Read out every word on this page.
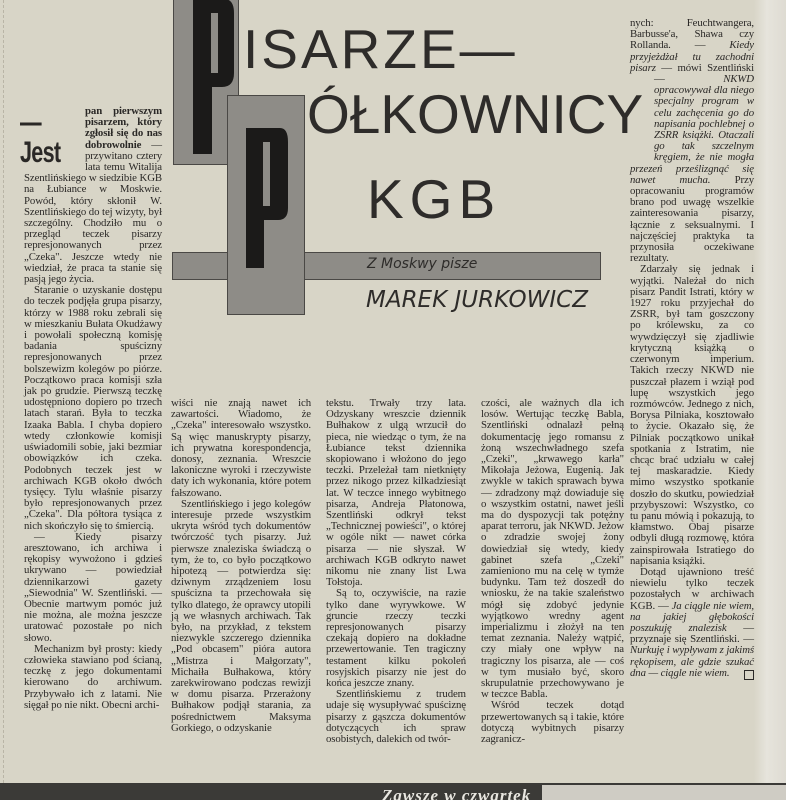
ISARZE—
ÓŁKOWNICY
KGB
Z Moskwy pisze
MAREK JURKOWICZ

—Jest
pan pierwszym pisarzem, który zgłosił się do nas dobrowolnie — przywitano cztery lata temu Witalija Szentlińskiego w siedzibie KGB na Łubiance w Moskwie. Powód, który skłonił W. Szentlińskiego do tej wizyty, był szczególny. Chodziło mu o przegląd teczek pisarzy represjonowanych przez „Czeka". Jeszcze wtedy nie wiedział, że praca ta stanie się pasją jego życia.

Staranie o uzyskanie dostępu do teczek podjęła grupa pisarzy, którzy w 1988 roku zebrali się w mieszkaniu Bułata Okudżawy i powołali społeczną komisję badania spuścizny represjonowanych przez bolszewizm kolegów po piórze. Początkowo praca komisji szła jak po grudzie. Pierwszą teczkę udostępniono dopiero po trzech latach starań. Była to teczka Izaaka Babla. I chyba dopiero wtedy członkowie komisji uświadomili sobie, jaki bezmiar obowiązków ich czeka. Podobnych teczek jest w archiwach KGB około dwóch tysięcy. Tylu właśnie pisarzy było represjonowanych przez „Czeka". Dla półtora tysiąca z nich skończyło się to śmiercią.

— Kiedy pisarzy aresztowano, ich archiwa i rękopisy wywożono i gdzieś ukrywano — powiedział dziennikarzowi gazety „Siewodnia" W. Szentliński. — Obecnie martwym pomóc już nie można, ale można jeszcze uratować pozostałe po nich słowo.

Mechanizm był prosty: kiedy człowieka stawiano pod ścianą, teczkę z jego dokumentami kierowano do archiwum. Przybywało ich z latami. Nie sięgał po nie nikt. Obecni archi-

wiści nie znają nawet ich zawartości. Wiadomo, że „Czeka" interesowało wszystko. Są więc manuskrypty pisarzy, ich prywatna korespondencja, donosy, zeznania. Wreszcie lakoniczne wyroki i rzeczywiste daty ich wykonania, które potem fałszowano.

Szentlińskiego i jego kolegów interesuje przede wszystkim ukryta wśród tych dokumentów twórczość tych pisarzy. Już pierwsze znaleziska świadczą o tym, że to, co było początkowo hipotezą — potwierdza się: dziwnym zrządzeniem losu spuścizna ta przechowała się tylko dlatego, że oprawcy utopili ją we własnych archiwach. Tak było, na przykład, z tekstem niezwykle szczerego dziennika „Pod obcasem" pióra autora „Mistrza i Małgorzaty", Michaiła Bułhakowa, który zarekwirowano podczas rewizji w domu pisarza. Przerażony Bułhakow podjął starania, za pośrednictwem Maksyma Gorkiego, o odzyskanie

tekstu. Trwały trzy lata. Odzyskany wreszcie dziennik Bułhakow z ulgą wrzucił do pieca, nie wiedząc o tym, że na Łubiance tekst dziennika skopiowano i włożono do jego teczki. Przeleżał tam nietknięty przez nikogo przez kilkadziesiąt lat. W teczce innego wybitnego pisarza, Andreja Płatonowa, Szentliński odkrył tekst „Technicznej powieści", o której w ogóle nikt — nawet córka pisarza — nie słyszał. W archiwach KGB odkryto nawet nikomu nie znany list Lwa Tołstoja.

Są to, oczywiście, na razie tylko dane wyrywkowe. W gruncie rzeczy teczki represjonowanych pisarzy czekają dopiero na dokładne przewertowanie. Ten tragiczny testament kilku pokoleń rosyjskich pisarzy nie jest do końca jeszcze znany.

Szentlińskiemu z trudem udaje się wysupływać spuściznę pisarzy z gąszcza dokumentów dotyczących ich spraw osobistych, dalekich od twór-

czości, ale ważnych dla ich losów. Wertując teczkę Babla, Szentliński odnalazł pełną dokumentację jego romansu z żoną wszechwładnego szefa „Czeki", „krwawego karła" Mikołaja Jeżowa, Eugenią. Jak zwykle w takich sprawach bywa — zdradzony mąż dowiaduje się o wszystkim ostatni, nawet jeśli ma do dyspozycji tak potężny aparat terroru, jak NKWD. Jeżow o zdradzie swojej żony dowiedział się wtedy, kiedy gabinet szefa „Czeki" zamieniono mu na celę w tymże budynku. Tam też doszedł do wniosku, że na takie szaleństwo mógł się zdobyć jedynie wyjątkowo wredny agent imperializmu i złożył na ten temat zeznania. Należy wątpić, czy miały one wpływ na tragiczny los pisarza, ale — coś w tym musiało być, skoro skrupulatnie przechowywano je w teczce Babla.

Wśród teczek dotąd przewertowanych są i takie, które dotyczą wybitnych pisarzy zagranicz-

nych: Feuchtwangera, Barbusse'a, Shawa czy Rollanda. — Kiedy przyjeżdżał tu zachodni pisarz — mówi Szentliński — NKWD opracowywał dla niego specjalny program w celu zachęcenia go do napisania pochlebnej o ZSRR książki. Otaczali go tak szczelnym kręgiem, że nie mogła przezeń prześlizgnąć się nawet mucha. Przy opracowaniu programów brano pod uwagę wszelkie zainteresowania pisarzy, łącznie z seksualnymi. I najczęściej praktyka ta przynosiła oczekiwane rezultaty.

Zdarzały się jednak i wyjątki. Należał do nich pisarz Pandit Istrati, który w 1927 roku przyjechał do ZSRR, był tam goszczony po królewsku, za co wywdzięczył się zjadliwie krytyczną książką o czerwonym imperium. Takich rzeczy NKWD nie puszczał płazem i wziął pod lupę wszystkich jego rozmówców. Jednego z nich, Borysa Pilniaka, kosztowało to życie. Okazało się, że Pilniak początkowo unikał spotkania z Istratim, nie chcąc brać udziału w całej tej maskaradzie. Kiedy mimo wszystko spotkanie doszło do skutku, powiedział przybyszowi: Wszystko, co tu panu mówią i pokazują, to kłamstwo. Obaj pisarze odbyli długą rozmowę, która zainspirowała Istratiego do napisania książki.

Dotąd ujawniono treść niewielu tylko teczek pozostałych w archiwach KGB. — Ja ciągle nie wiem, na jakiej głębokości poszukuję znalezisk — przyznaje się Szentliński. — Nurkuję i wypływam z jakimś rękopisem, ale gdzie szukać dna — ciągle nie wiem.

Zawsze w czwartek
